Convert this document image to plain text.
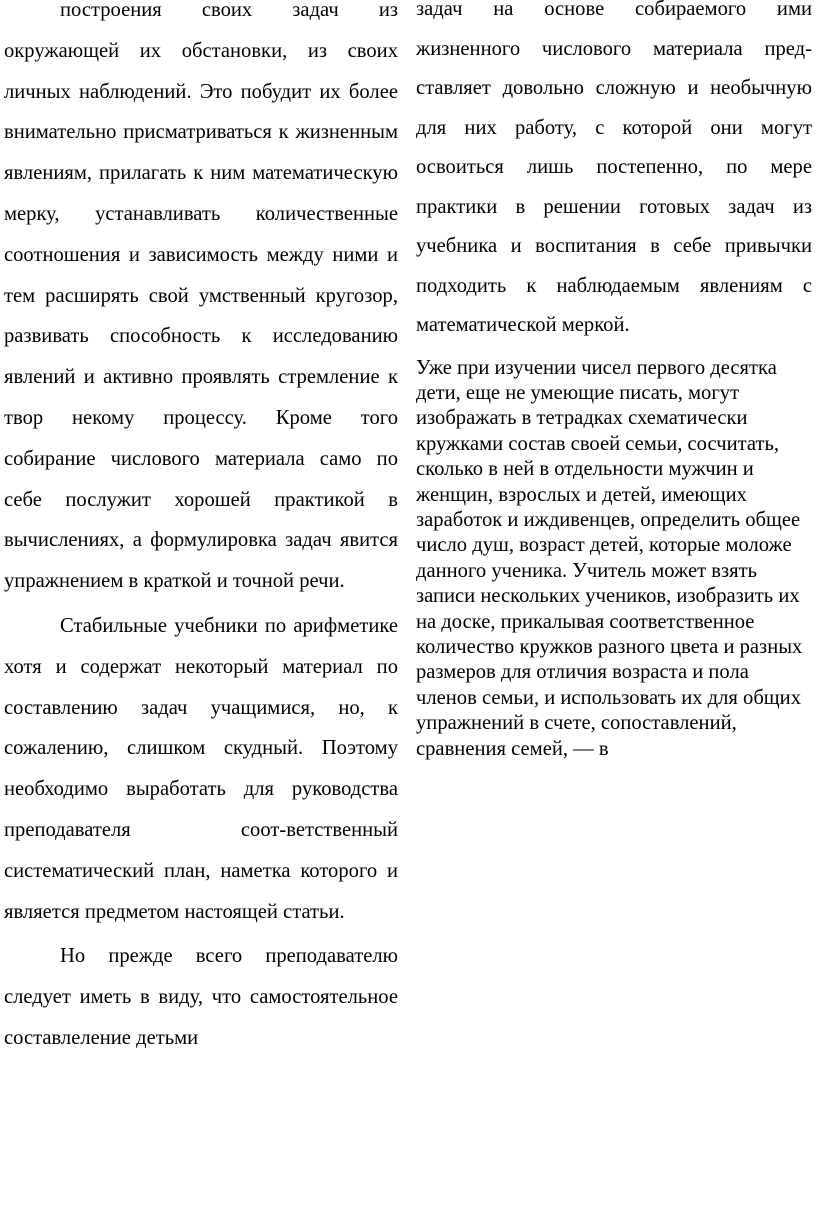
построения своих задач из окружающей их обстановки, из своих личных наблюдений. Это побудит их более внимательно присматриваться к жизненным явлениям, прилагать к ним математическую мерку, устанавливать количественные соотношения и зависимость между ними и тем расширять свой умственный кругозор, развивать способность к исследованию явлений и активно проявлять стремление к твор некому процессу. Кроме того собирание числового материала само по себе послужит хорошей практикой в вычислениях, а формулировка задач явится упражнением в краткой и точной речи.

Стабильные учебники по арифметике хотя и содержат некоторый материал по составлению задач учащимися, но, к сожалению, слишком скудный. Поэтому необходимо выработать для руководства преподавателя соот-ветственный систематический план, наметка которого и является предметом настоящей статьи.

Но прежде всего преподавателю следует иметь в виду, что самостоятельное составлеление детьми

задач на основе собираемого ими жизненного числового материала пред-ставляет довольно сложную и необычную для них работу, с которой они могут освоиться лишь постепенно, по мере практики в решении готовых задач из учебника и воспитания в себе привычки подходить к наблюдаемым явлениям с математической меркой.

Уже при изучении чисел первого десятка дети, еще не умеющие писать, могут изображать в тетрадках схематически кружками состав своей семьи, сосчитать, сколько в ней в отдельности мужчин и женщин, взрослых и детей, имеющих заработок и иждивенцев, определить общее число душ, возраст детей, которые моложе данного ученика. Учитель может взять записи нескольких учеников, изобразить их на доске, прикалывая соответственное количество кружков разного цвета и разных размеров для отличия возраста и пола членов семьи, и использовать их для общих упражнений в счете, сопоставлений, сравнения семей, — в
